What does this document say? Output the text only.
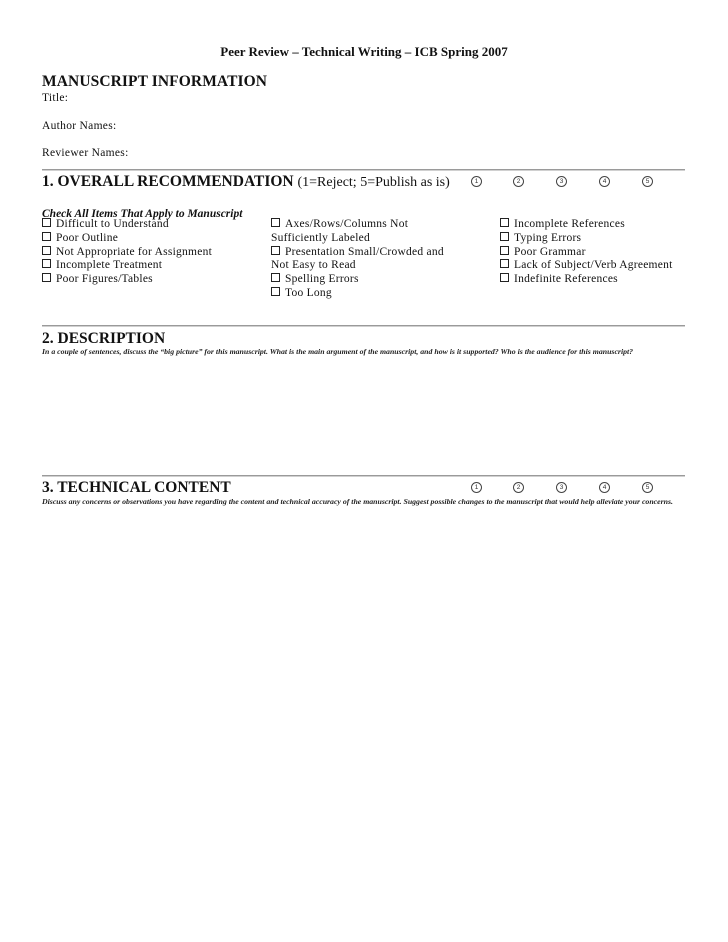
Peer Review – Technical Writing – ICB Spring 2007
MANUSCRIPT INFORMATION
Title:
Author Names:
Reviewer Names:
1. OVERALL RECOMMENDATION (1=Reject; 5=Publish as is)	1	2	3	4	5
Check All Items That Apply to Manuscript
Difficult to Understand
Poor Outline
Not Appropriate for Assignment
Incomplete Treatment
Poor Figures/Tables
Axes/Rows/Columns Not
Sufficiently Labeled
Presentation Small/Crowded and
Not Easy to Read
Spelling Errors
Too Long
Incomplete References
Typing Errors
Poor Grammar
Lack of Subject/Verb Agreement
Indefinite References
2. DESCRIPTION
In a couple of sentences, discuss the “big picture” for this manuscript. What is the main argument of the manuscript, and how is it supported? Who is the audience for this manuscript?
3. TECHNICAL CONTENT	1	2	3	4	5
Discuss any concerns or observations you have regarding the content and technical accuracy of the manuscript. Suggest possible changes to the manuscript that would help alleviate your concerns.
